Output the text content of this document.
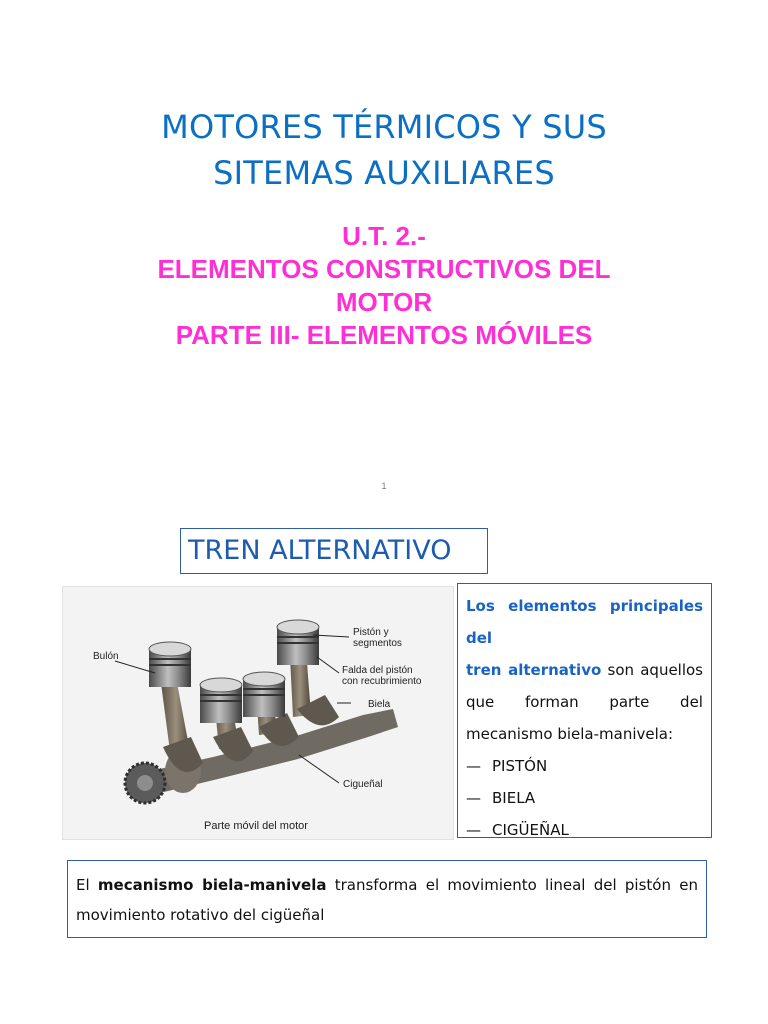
MOTORES TÉRMICOS Y SUS
SITEMAS AUXILIARES
U.T. 2.-
ELEMENTOS CONSTRUCTIVOS DEL
MOTOR
PARTE III- ELEMENTOS MÓVILES
1
TREN ALTERNATIVO
Bulón
Pistón y
segmentos
Falda del pistón
con recubrimiento
Biela
Cigueñal
Parte móvil del motor
Los elementos principales del
tren alternativo son aquellos
que forman parte del
mecanismo biela-manivela:
— PISTÓN
— BIELA
— CIGÜEÑAL
El mecanismo biela-manivela transforma el movimiento lineal del pistón en
movimiento rotativo del cigüeñal
